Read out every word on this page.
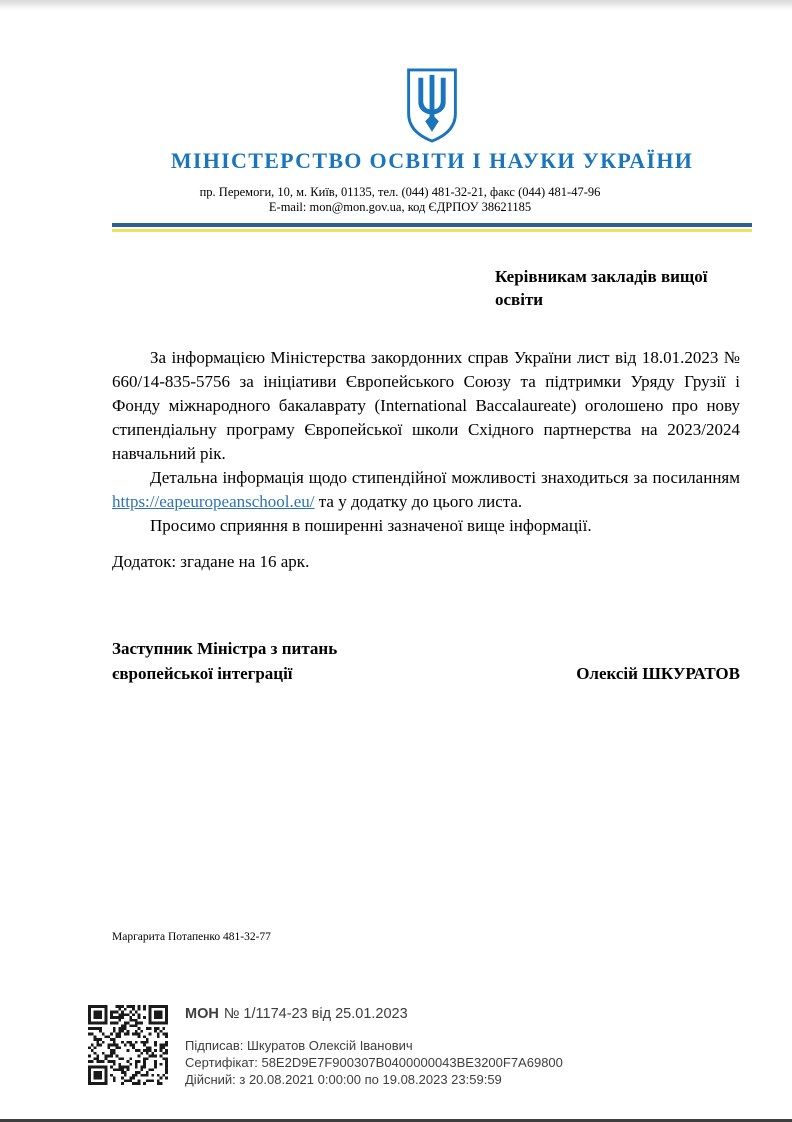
МІНІСТЕРСТВО ОСВІТИ І НАУКИ УКРАЇНИ
пр. Перемоги, 10, м. Київ, 01135, тел. (044) 481-32-21, факс (044) 481-47-96
E-mail: mon@mon.gov.ua, код ЄДРПОУ 38621185
Керівникам закладів вищої
освіти

За інформацією Міністерства закордонних справ України лист від 18.01.2023 № 660/14-835-5756 за ініціативи Європейського Союзу та підтримки Уряду Грузії і Фонду міжнародного бакалаврату (International Baccalaureate) оголошено про нову стипендіальну програму Європейської школи Східного партнерства на 2023/2024 навчальний рік.

Детальна інформація щодо стипендійної можливості знаходиться за посиланням https://eapeuropeanschool.eu/ та у додатку до цього листа.

Просимо сприяння в поширенні зазначеної вище інформації.

Додаток: згадане на 16 арк.

Заступник Міністра з питань
європейської інтеграції	Олексій ШКУРАТОВ
Маргарита Потапенко 481-32-77
МОН № 1/1174-23 від 25.01.2023
Підписав: Шкуратов Олексій Іванович
Сертифікат: 58E2D9E7F900307B0400000043BE3200F7A69800
Дійсний: з 20.08.2021 0:00:00 по 19.08.2023 23:59:59
